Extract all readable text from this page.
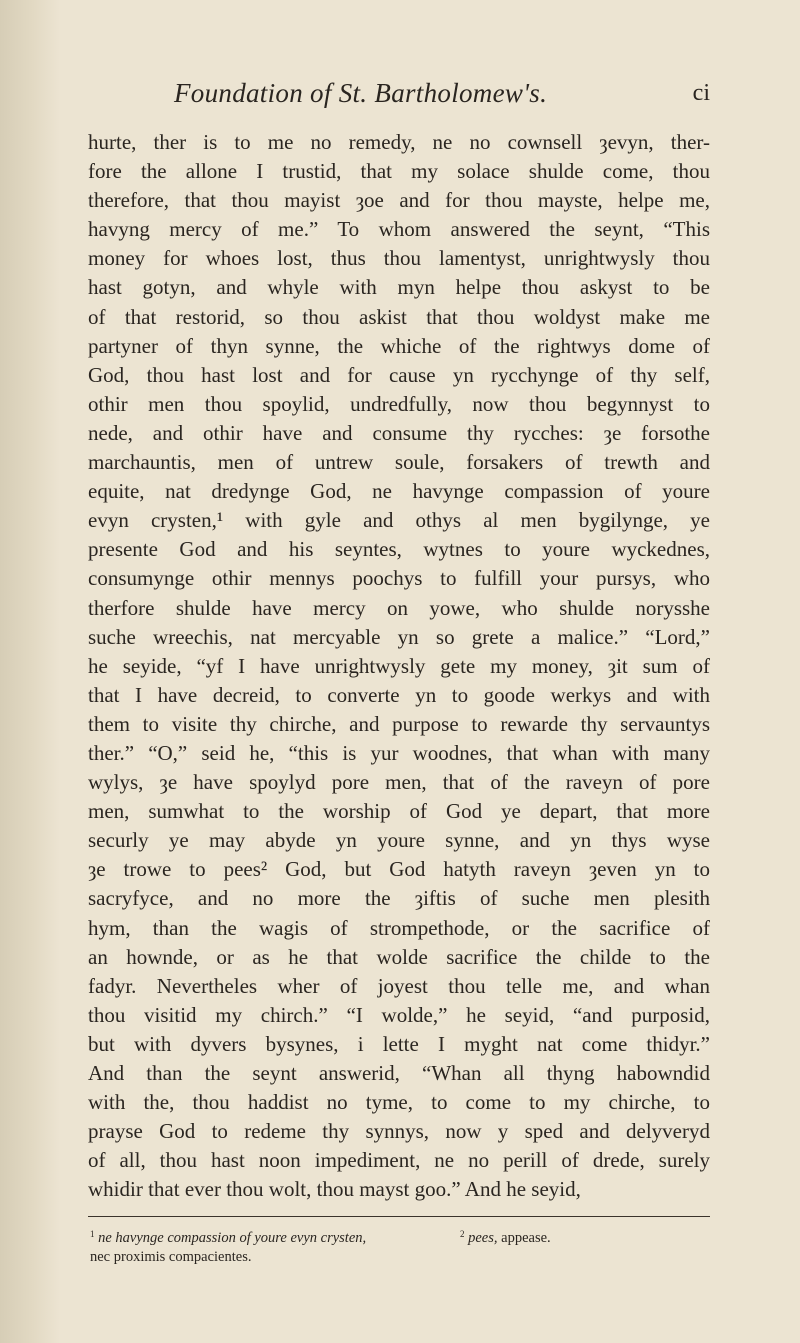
Foundation of St. Bartholomew's.	ci
hurte, ther is to me no remedy, ne no cownsell ȝevyn, ther-
fore the allone I trustid, that my solace shulde come, thou
therefore, that thou mayist ȝoe and for thou mayste, helpe me,
havyng mercy of me.” To whom answered the seynt, “This
money for whoes lost, thus thou lamentyst, unrightwysly thou
hast gotyn, and whyle with myn helpe thou askyst to be
of that restorid, so thou askist that thou woldyst make me
partyner of thyn synne, the whiche of the rightwys dome of
God, thou hast lost and for cause yn rycchynge of thy self,
othir men thou spoylid, undredfully, now thou begynnyst to
nede, and othir have and consume thy rycches: ȝe forsothe
marchauntis, men of untrew soule, forsakers of trewth and
equite, nat dredynge God, ne havynge compassion of youre
evyn crysten,¹ with gyle and othys al men bygilynge, ye
presente God and his seyntes, wytnes to youre wyckednes,
consumynge othir mennys poochys to fulfill your pursys, who
therfore shulde have mercy on yowe, who shulde norysshe
suche wreechis, nat mercyable yn so grete a malice.” “Lord,”
he seyide, “yf I have unrightwysly gete my money, ȝit sum of
that I have decreid, to converte yn to goode werkys and with
them to visite thy chirche, and purpose to rewarde thy servauntys
ther.” “O,” seid he, “this is yur woodnes, that whan with many
wylys, ȝe have spoylyd pore men, that of the raveyn of pore
men, sumwhat to the worship of God ye depart, that more
securly ye may abyde yn youre synne, and yn thys wyse
ȝe trowe to pees² God, but God hatyth raveyn ȝeven yn to
sacryfyce, and no more the ȝiftis of suche men plesith
hym, than the wagis of strompethode, or the sacrifice of
an howndе, or as he that wolde sacrifice the childe to the
fadyr. Nevertheles wher of joyest thou telle me, and whan
thou visitid my chirch.” “I wolde,” he seyid, “and purposid,
but with dyvers bysynes, i lette I myght nat come thidyr.”
And than the seynt answerid, “Whan all thyng habowndid
with the, thou haddist no tyme, to come to my chirche, to
prayse God to redeme thy synnys, now y sped and delyveryd
of all, thou hast noon impediment, ne no perill of drede, surely
whidir that ever thou wolt, thou mayst goo.” And he seyid,
$^1$ ne havynge compassion of youre evyn crysten,	$^2$ pees, appease.
nec proximis compacientes.
